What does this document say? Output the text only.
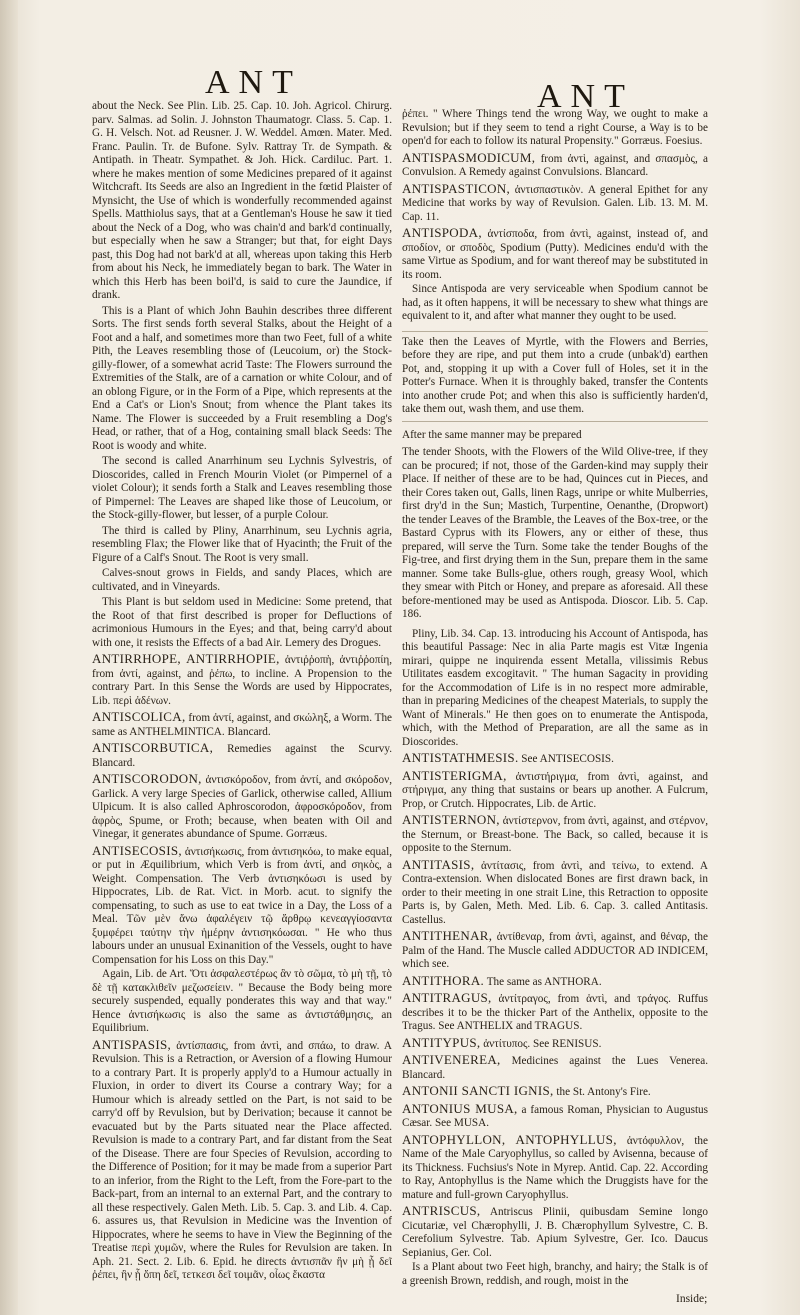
ANT	ANT

about the Neck. See Plin. Lib. 25. Cap. 10. Joh. Agricol. Chirurg. parv. Salmas. ad Solin. J. Johnston Thaumatogr. Class. 5. Cap. 1. G. H. Velsch. Not. ad Reusner. J. W. Weddel. Amœn. Mater. Med. Franc. Paulin. Tr. de Bufone. Sylv. Rattray Tr. de Sympath. & Antipath. in Theatr. Sympathet. & Joh. Hick. Cardiluc. Part. 1. where he makes mention of some Medicines prepared of it against Witchcraft. Its Seeds are also an Ingredient in the fœtid Plaister of Mynsicht, the Use of which is wonderfully recommended against Spells. Matthiolus says, that at a Gentleman's House he saw it tied about the Neck of a Dog, who was chain'd and bark'd continually, but especially when he saw a Stranger; but that, for eight Days past, this Dog had not bark'd at all, whereas upon taking this Herb from about his Neck, he immediately began to bark. The Water in which this Herb has been boil'd, is said to cure the Jaundice, if drank.

This is a Plant of which John Bauhin describes three different Sorts. The first sends forth several Stalks, about the Height of a Foot and a half, and sometimes more than two Feet, full of a white Pith, the Leaves resembling those of (Leucoium, or) the Stock-gilly-flower, of a somewhat acrid Taste: The Flowers surround the Extremities of the Stalk, are of a carnation or white Colour, and of an oblong Figure, or in the Form of a Pipe, which represents at the End a Cat's or Lion's Snout; from whence the Plant takes its Name. The Flower is succeeded by a Fruit resembling a Dog's Head, or rather, that of a Hog, containing small black Seeds: The Root is woody and white.

The second is called Anarrhinum seu Lychnis Sylvestris, of Dioscorides, called in French Mourin Violet (or Pimpernel of a violet Colour); it sends forth a Stalk and Leaves resembling those of Pimpernel: The Leaves are shaped like those of Leucoium, or the Stock-gilly-flower, but lesser, of a purple Colour.

The third is called by Pliny, Anarrhinum, seu Lychnis agria, resembling Flax; the Flower like that of Hyacinth; the Fruit of the Figure of a Calf's Snout. The Root is very small.

Calves-snout grows in Fields, and sandy Places, which are cultivated, and in Vineyards.

This Plant is but seldom used in Medicine: Some pretend, that the Root of that first described is proper for Defluctions of acrimonious Humours in the Eyes; and that, being carry'd about with one, it resists the Effects of a bad Air. Lemery des Drogues.

ANTIRRHOPE, ANTIRRHOPIE, ἀντιῤῥοπὴ, ἀντιῤῥοπίη, from ἀντί, against, and ῥέπω, to incline. A Propension to the contrary Part. In this Sense the Words are used by Hippocrates, Lib. περὶ ἀδένων.

ANTISCOLICA, from ἀντί, against, and σκώληξ, a Worm. The same as ANTHELMINTICA. Blancard.

ANTISCORBUTICA, Remedies against the Scurvy. Blancard.

ANTISCORODON, ἀντισκόροδον, from ἀντί, and σκόροδον, Garlick. A very large Species of Garlick, otherwise called, Allium Ulpicum. It is also called Aphroscorodon, ἀφροσκόροδον, from ἀφρὸς, Spume, or Froth; because, when beaten with Oil and Vinegar, it generates abundance of Spume. Gorræus.

ANTISECOSIS, ἀντισήκωσις, from ἀντισηκόω, to make equal, or put in Æquilibrium, which Verb is from ἀντί, and σηκὸς, a Weight. Compensation. The Verb ἀντισηκόωσι is used by Hippocrates, Lib. de Rat. Vict. in Morb. acut. to signify the compensating, to such as use to eat twice in a Day, the Loss of a Meal. Τῶν μὲν ἄνω ἀφαλέγειν τῷ ἄρθρῳ κενεαγγίοσαντα ξυμφέρει ταύτην τὴν ἡμέρην ἀντισηκόωσαι. " He who thus labours under an unusual Exinanition of the Vessels, ought to have Compensation for his Loss on this Day."

Again, Lib. de Art. Ὅτι ἀσφαλεστέρως ἂν τὸ σῶμα, τὸ μὴ τῇ, τὸ δὲ τῇ κατακλιθεῖν μεζωσείειν. " Because the Body being more securely suspended, equally ponderates this way and that way." Hence ἀντισήκωσις is also the same as ἀντιστάθμησις, an Equilibrium.

ANTISPASIS, ἀντίσπασις, from ἀντὶ, and σπάω, to draw. A Revulsion. This is a Retraction, or Aversion of a flowing Humour to a contrary Part. It is properly apply'd to a Humour actually in Fluxion, in order to divert its Course a contrary Way; for a Humour which is already settled on the Part, is not said to be carry'd off by Revulsion, but by Derivation; because it cannot be evacuated but by the Parts situated near the Place affected. Revulsion is made to a contrary Part, and far distant from the Seat of the Disease. There are four Species of Revulsion, according to the Difference of Position; for it may be made from a superior Part to an inferior, from the Right to the Left, from the Fore-part to the Back-part, from an internal to an external Part, and the contrary to all these respectively. Galen Meth. Lib. 5. Cap. 3. and Lib. 4. Cap. 6. assures us, that Revulsion in Medicine was the Invention of Hippocrates, where he seems to have in View the Beginning of the Treatise περὶ χυμῶν, where the Rules for Revulsion are taken. In Aph. 21. Sect. 2. Lib. 6. Epid. he directs ἀντισπᾶν ἢν μὴ ᾗ δεῖ ῥέπει, ἢν ᾗ ὅπη δεῖ, τετκεσι δεῖ τοιμᾶν, οἷως ἕκαστα

ῥέπει. " Where Things tend the wrong Way, we ought to make a Revulsion; but if they seem to tend a right Course, a Way is to be open'd for each to follow its natural Propensity." Gorræus. Foesius.

ANTISPASMODICUM, from ἀντὶ, against, and σπασμὸς, a Convulsion. A Remedy against Convulsions. Blancard.

ANTISPASTICON, ἀντισπαστικὸν. A general Epithet for any Medicine that works by way of Revulsion. Galen. Lib. 13. M. M. Cap. 11.

ANTISPODA, ἀντίσποδα, from ἀντὶ, against, instead of, and σποδίον, or σποδὸς, Spodium (Putty). Medicines endu'd with the same Virtue as Spodium, and for want thereof may be substituted in its room.

Since Antispoda are very serviceable when Spodium cannot be had, as it often happens, it will be necessary to shew what things are equivalent to it, and after what manner they ought to be used.

Take then the Leaves of Myrtle, with the Flowers and Berries, before they are ripe, and put them into a crude (unbak'd) earthen Pot, and, stopping it up with a Cover full of Holes, set it in the Potter's Furnace. When it is throughly baked, transfer the Contents into another crude Pot; and when this also is sufficiently harden'd, take them out, wash them, and use them.

After the same manner may be prepared

The tender Shoots, with the Flowers of the Wild Olive-tree, if they can be procured; if not, those of the Garden-kind may supply their Place. If neither of these are to be had, Quinces cut in Pieces, and their Cores taken out, Galls, linen Rags, unripe or white Mulberries, first dry'd in the Sun; Mastich, Turpentine, Oenanthe, (Dropwort) the tender Leaves of the Bramble, the Leaves of the Box-tree, or the Bastard Cyprus with its Flowers, any or either of these, thus prepared, will serve the Turn. Some take the tender Boughs of the Fig-tree, and first drying them in the Sun, prepare them in the same manner. Some take Bulls-glue, others rough, greasy Wool, which they smear with Pitch or Honey, and prepare as aforesaid. All these before-mentioned may be used as Antispoda. Dioscor. Lib. 5. Cap. 186.

Pliny, Lib. 34. Cap. 13. introducing his Account of Antispoda, has this beautiful Passage: Nec in alia Parte magis est Vitæ Ingenia mirari, quippe ne inquirenda essent Metalla, vilissimis Rebus Utilitates easdem excogitavit. " The human Sagacity in providing for the Accommodation of Life is in no respect more admirable, than in preparing Medicines of the cheapest Materials, to supply the Want of Minerals." He then goes on to enumerate the Antispoda, which, with the Method of Preparation, are all the same as in Dioscorides.

ANTISTATHMESIS. See ANTISECOSIS.

ANTISTERIGMA, ἀντιστήριγμα, from ἀντὶ, against, and στήριγμα, any thing that sustains or bears up another. A Fulcrum, Prop, or Crutch. Hippocrates, Lib. de Artic.

ANTISTERNON, ἀντίστερνον, from ἀντὶ, against, and στέρνον, the Sternum, or Breast-bone. The Back, so called, because it is opposite to the Sternum.

ANTITASIS, ἀντίτασις, from ἀντὶ, and τείνω, to extend. A Contra-extension. When dislocated Bones are first drawn back, in order to their meeting in one strait Line, this Retraction to opposite Parts is, by Galen, Meth. Med. Lib. 6. Cap. 3. called Antitasis. Castellus.

ANTITHENAR, ἀντίθεναρ, from ἀντὶ, against, and θέναρ, the Palm of the Hand. The Muscle called ADDUCTOR AD INDICEM, which see.

ANTITHORA. The same as ANTHORA.

ANTITRAGUS, ἀντίτραγος, from ἀντὶ, and τράγος. Ruffus describes it to be the thicker Part of the Anthelix, opposite to the Tragus. See ANTHELIX and TRAGUS.

ANTITYPUS, ἀντίτυπος. See RENISUS.

ANTIVENEREA, Medicines against the Lues Venerea. Blancard.

ANTONII SANCTI IGNIS, the St. Antony's Fire.

ANTONIUS MUSA, a famous Roman, Physician to Augustus Cæsar. See MUSA.

ANTOPHYLLON, ANTOPHYLLUS, ἀντόφυλλον, the Name of the Male Caryophyllus, so called by Avisenna, because of its Thickness. Fuchsius's Note in Myrep. Antid. Cap. 22. According to Ray, Antophyllus is the Name which the Druggists have for the mature and full-grown Caryophyllus.

ANTRISCUS, Antriscus Plinii, quibusdam Semine longo Cicutariæ, vel Chærophylli, J. B. Chærophyllum Sylvestre, C. B. Cerefolium Sylvestre. Tab. Apium Sylvestre, Ger. Ico. Daucus Sepianius, Ger. Col.

Is a Plant about two Feet high, branchy, and hairy; the Stalk is of a greenish Brown, reddish, and rough, moist in the

Inside;
